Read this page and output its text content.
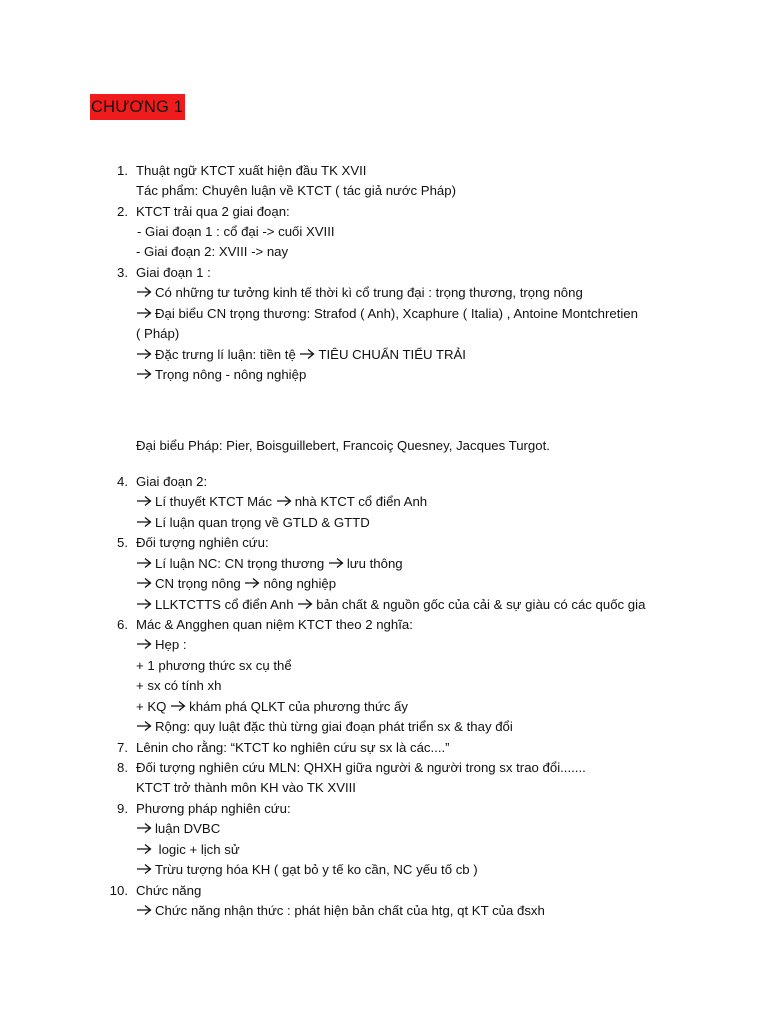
CHƯƠNG 1
1. Thuật ngữ KTCT xuất hiện đầu TK XVII
Tác phẩm: Chuyên luận về KTCT ( tác giả nước Pháp)
2. KTCT trải qua 2 giai đoạn:
- Giai đoạn 1 : cổ đại -> cuối XVIII
- Giai đoạn 2: XVIII -> nay
3. Giai đoạn 1 :
Có những tư tưởng kinh tế thời kì cổ trung đại : trọng thương, trọng nông
Đại biểu CN trọng thương: Strafod ( Anh), Xcaphure ( Italia) , Antoine Montchretien
( Pháp)
Đặc trưng lí luận: tiền tệ
TIÊU CHUẨN TIỂU TRẢI
Trọng nông - nông nghiệp
Đại biểu Pháp: Pier, Boisguillebert, Francoiç Quesney, Jacques Turgot.
4. Giai đoạn 2:
Lí thuyết KTCT Mác
nhà KTCT cổ điển Anh
Lí luận quan trọng về GTLD & GTTD
5. Đối tượng nghiên cứu:
Lí luận NC: CN trọng thương
lưu thông
CN trọng nông
nông nghiệp
LLKTCTTS cổ điển Anh
bản chất & nguồn gốc của cải & sự giàu có các quốc gia
6. Mác & Angghen quan niệm KTCT theo 2 nghĩa:
Hẹp :
+ 1 phương thức sx cụ thể
+ sx có tính xh
+ KQ
khám phá QLKT của phương thức ấy
Rộng: quy luật đặc thù từng giai đoạn phát triển sx & thay đổi
7. Lênin cho rằng: “KTCT ko nghiên cứu sự sx là các....”
8. Đối tượng nghiên cứu MLN: QHXH giữa người & người trong sx trao đổi.......
KTCT trở thành môn KH vào TK XVIII
9. Phương pháp nghiên cứu:
luận DVBC
logic + lịch sử
Trừu tượng hóa KH ( gạt bỏ y tế ko cần, NC yếu tố cb )
10. Chức năng
Chức năng nhận thức : phát hiện bản chất của htg, qt KT của đsxh
